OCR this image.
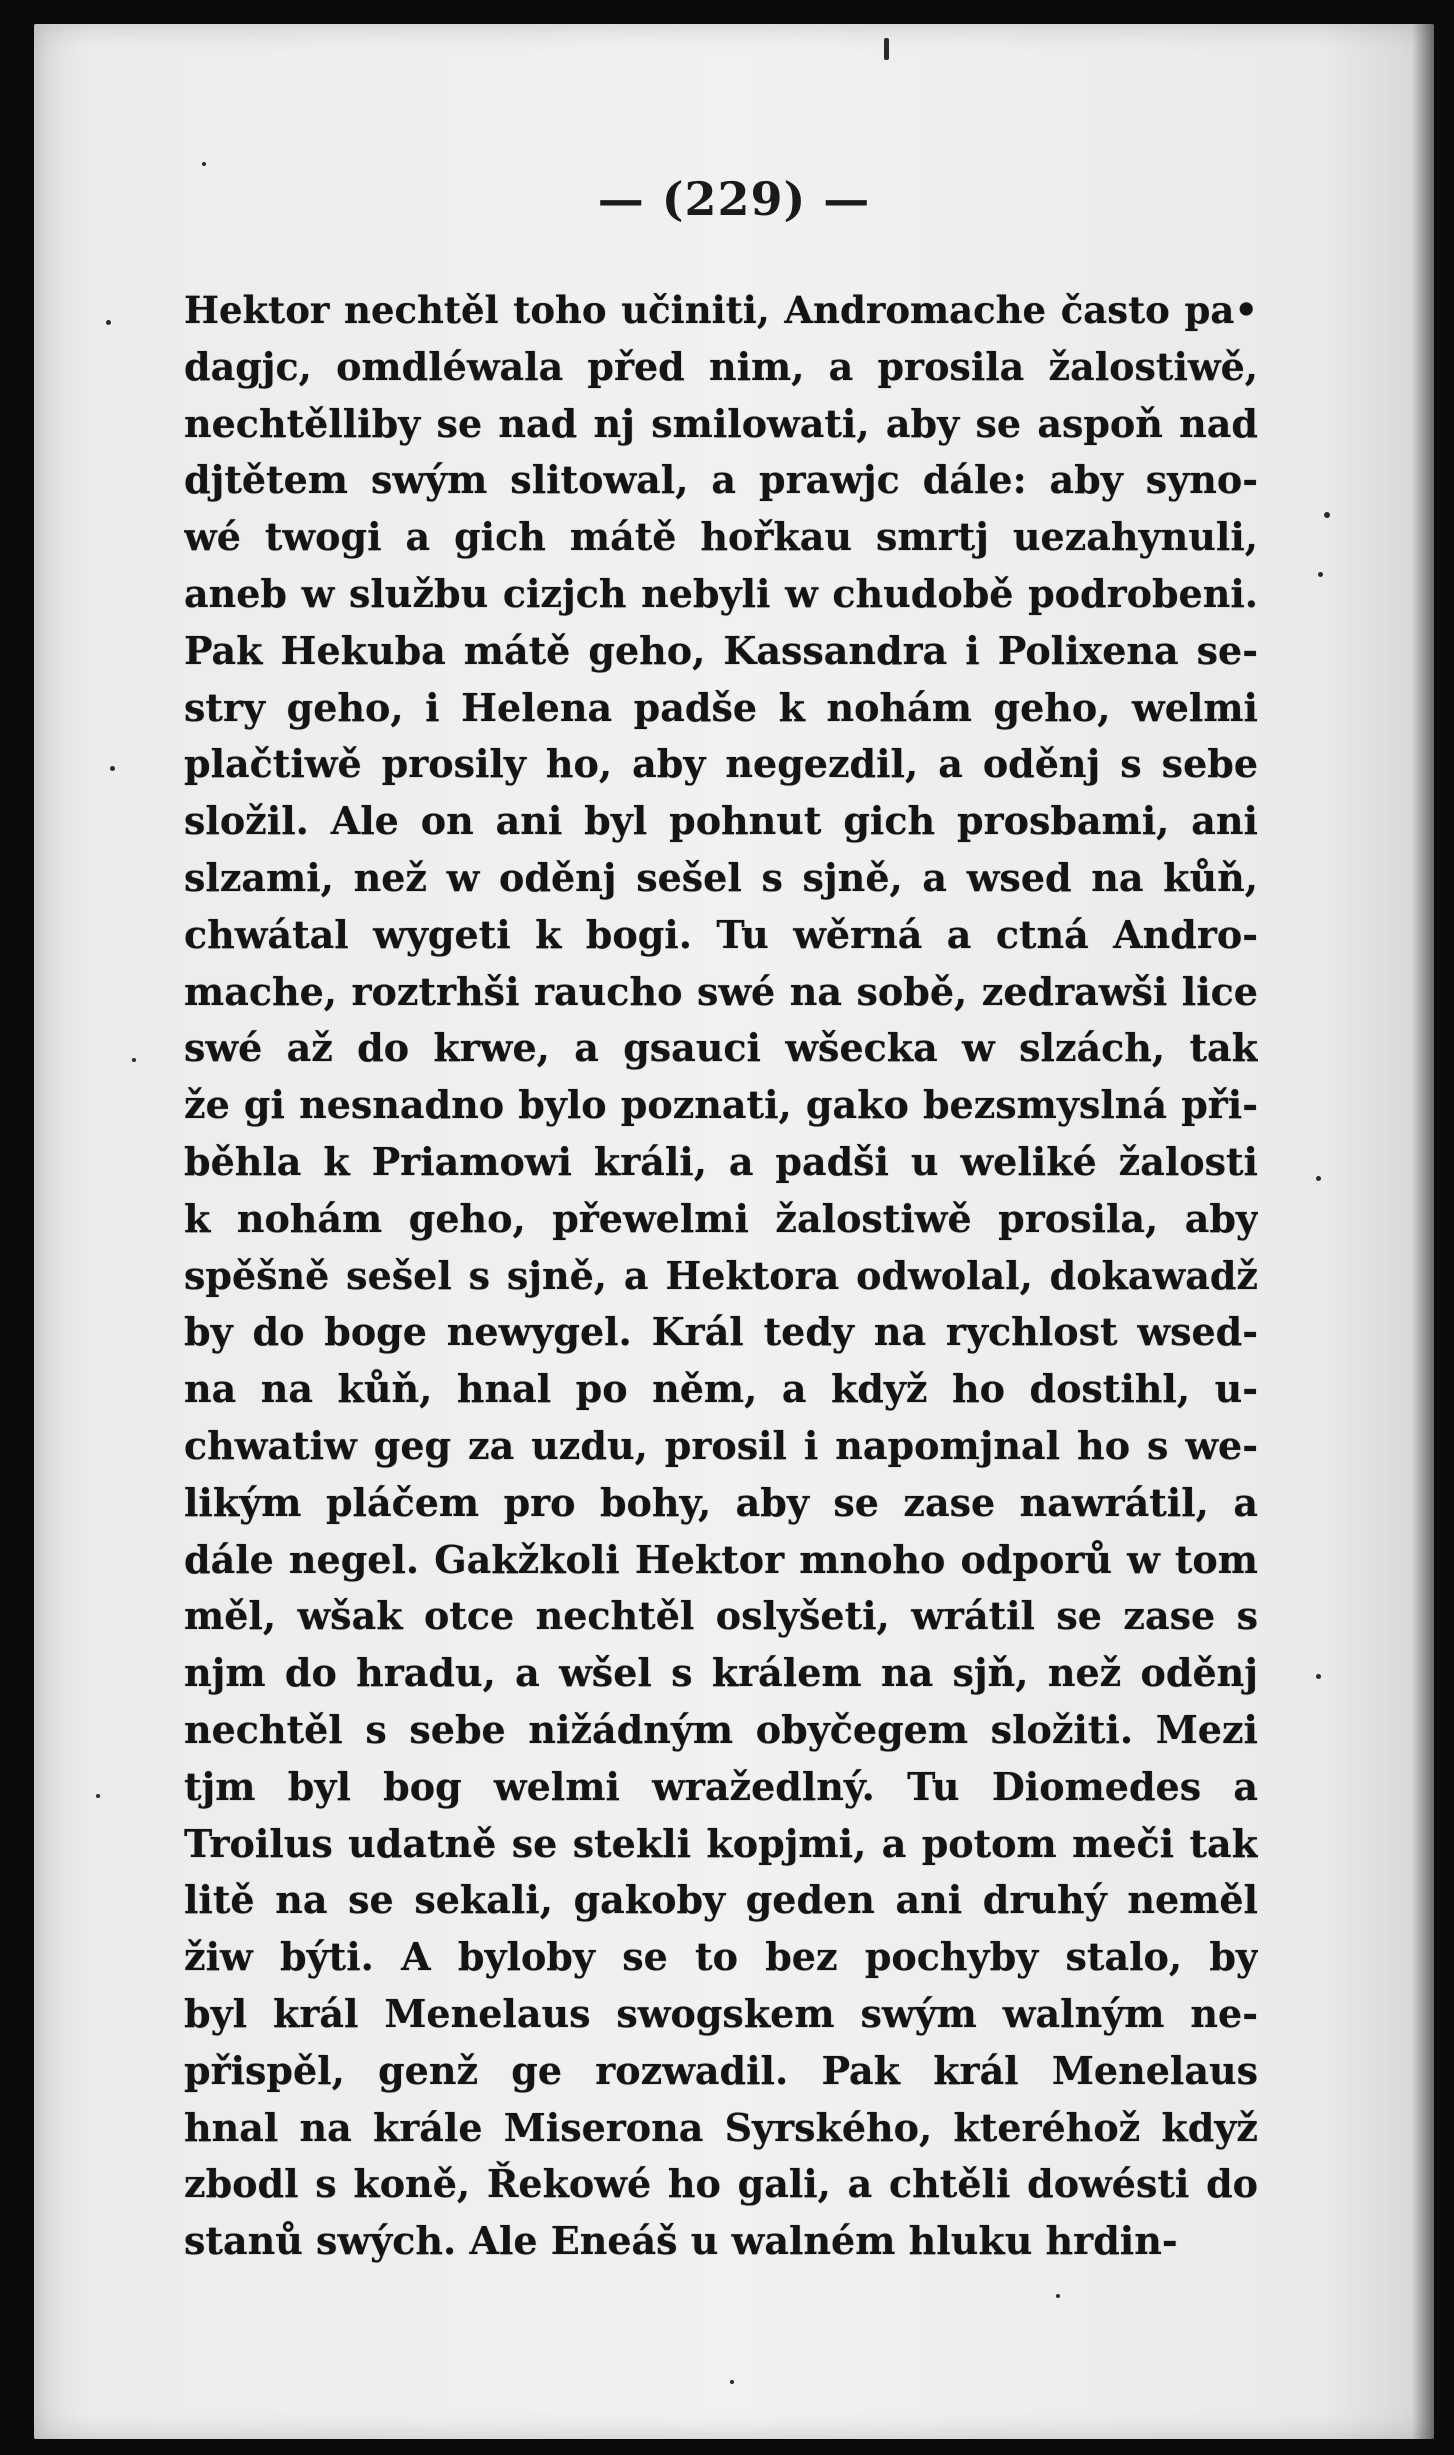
— (229) —
Hektor nechtěl toho učiniti, Andromache často pa•
dagjc, omdléwala před nim, a prosila žalostiwě,
nechtělliby se nad nj smilowati, aby se aspoň nad
djtětem swým slitowal, a prawjc dále: aby syno-
wé twogi a gich mátě hořkau smrtj uezahynuli,
aneb w službu cizjch nebyli w chudobě podrobeni.
Pak Hekuba mátě geho, Kassandra i Polixena se-
stry geho, i Helena padše k nohám geho, welmi
plačtiwě prosily ho, aby negezdil, a oděnj s sebe
složil. Ale on ani byl pohnut gich prosbami, ani
slzami, než w oděnj sešel s sjně, a wsed na kůň,
chwátal wygeti k bogi. Tu wěrná a ctná Andro-
mache, roztrhši raucho swé na sobě, zedrawši lice
swé až do krwe, a gsauci wšecka w slzách, tak
že gi nesnadno bylo poznati, gako bezsmyslná při-
běhla k Priamowi králi, a padši u weliké žalosti
k nohám geho, přewelmi žalostiwě prosila, aby
spěšně sešel s sjně, a Hektora odwolal, dokawadž
by do boge newygel. Král tedy na rychlost wsed-
na na kůň, hnal po něm, a když ho dostihl, u-
chwatiw geg za uzdu, prosil i napomjnal ho s we-
likým pláčem pro bohy, aby se zase nawrátil, a
dále negel. Gakžkoli Hektor mnoho odporů w tom
měl, wšak otce nechtěl oslyšeti, wrátil se zase s
njm do hradu, a wšel s králem na sjň, než oděnj
nechtěl s sebe nižádným obyčegem složiti. Mezi
tjm byl bog welmi wražedlný. Tu Diomedes a
Troilus udatně se stekli kopjmi, a potom meči tak
litě na se sekali, gakoby geden ani druhý neměl
žiw býti. A byloby se to bez pochyby stalo, by
byl král Menelaus swogskem swým walným ne-
přispěl, genž ge rozwadil. Pak král Menelaus
hnal na krále Miserona Syrského, kteréhož když
zbodl s koně, Řekowé ho gali, a chtěli dowésti do
stanů swých. Ale Eneáš u walném hluku hrdin-
